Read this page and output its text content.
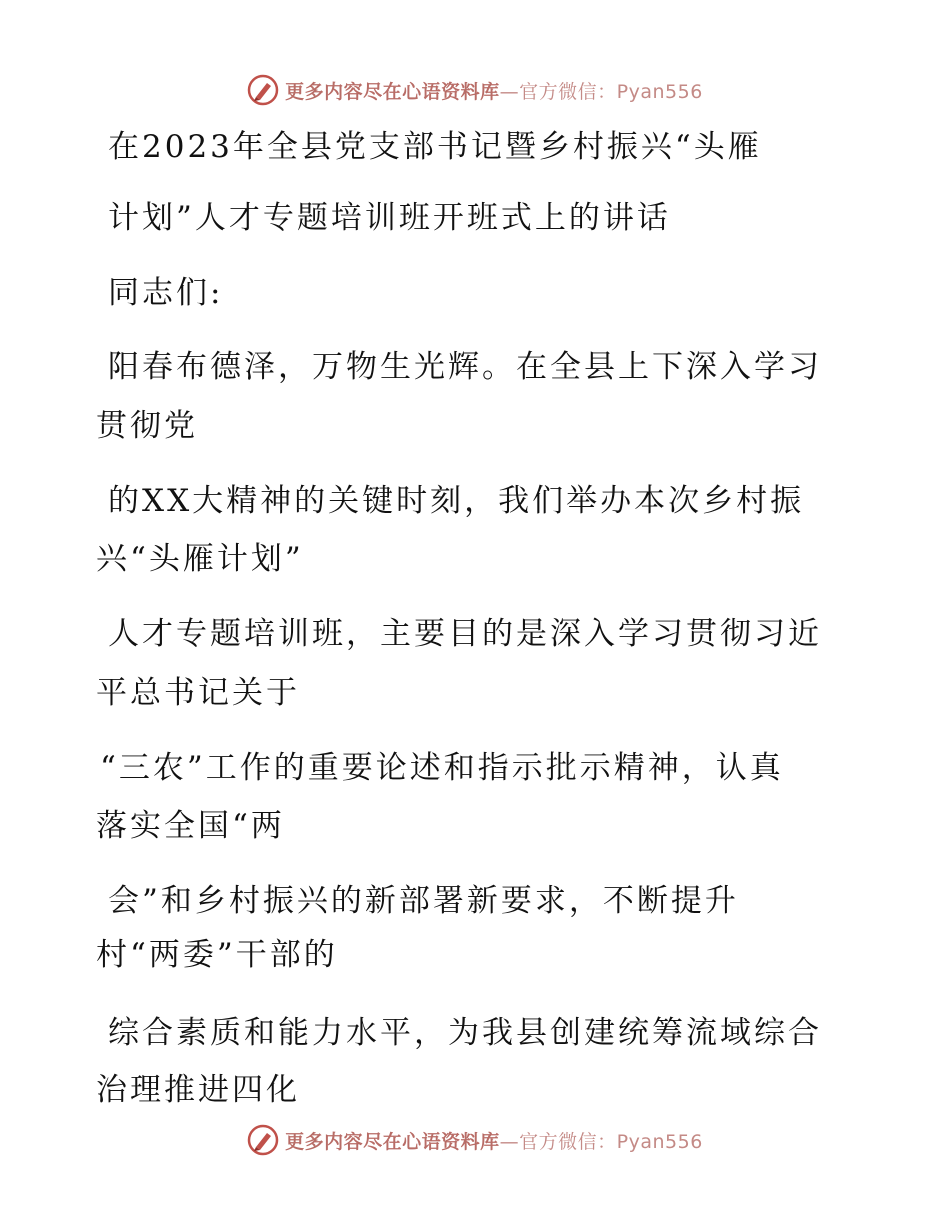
更多内容尽在心语资料库—官方微信：Pyan556
在2023年全县党支部书记暨乡村振兴“头雁
计划”人才专题培训班开班式上的讲话
同志们:
阳春布德泽，万物生光辉。在全县上下深入学习
贯彻党
的XX大精神的关键时刻，我们举办本次乡村振
兴“头雁计划”
人才专题培训班，主要目的是深入学习贯彻习近
平总书记关于
“三农”工作的重要论述和指示批示精神，认真
落实全国“两
会”和乡村振兴的新部署新要求，不断提升
村“两委”干部的
综合素质和能力水平，为我县创建统筹流域综合
治理推进四化
更多内容尽在心语资料库—官方微信：Pyan556
